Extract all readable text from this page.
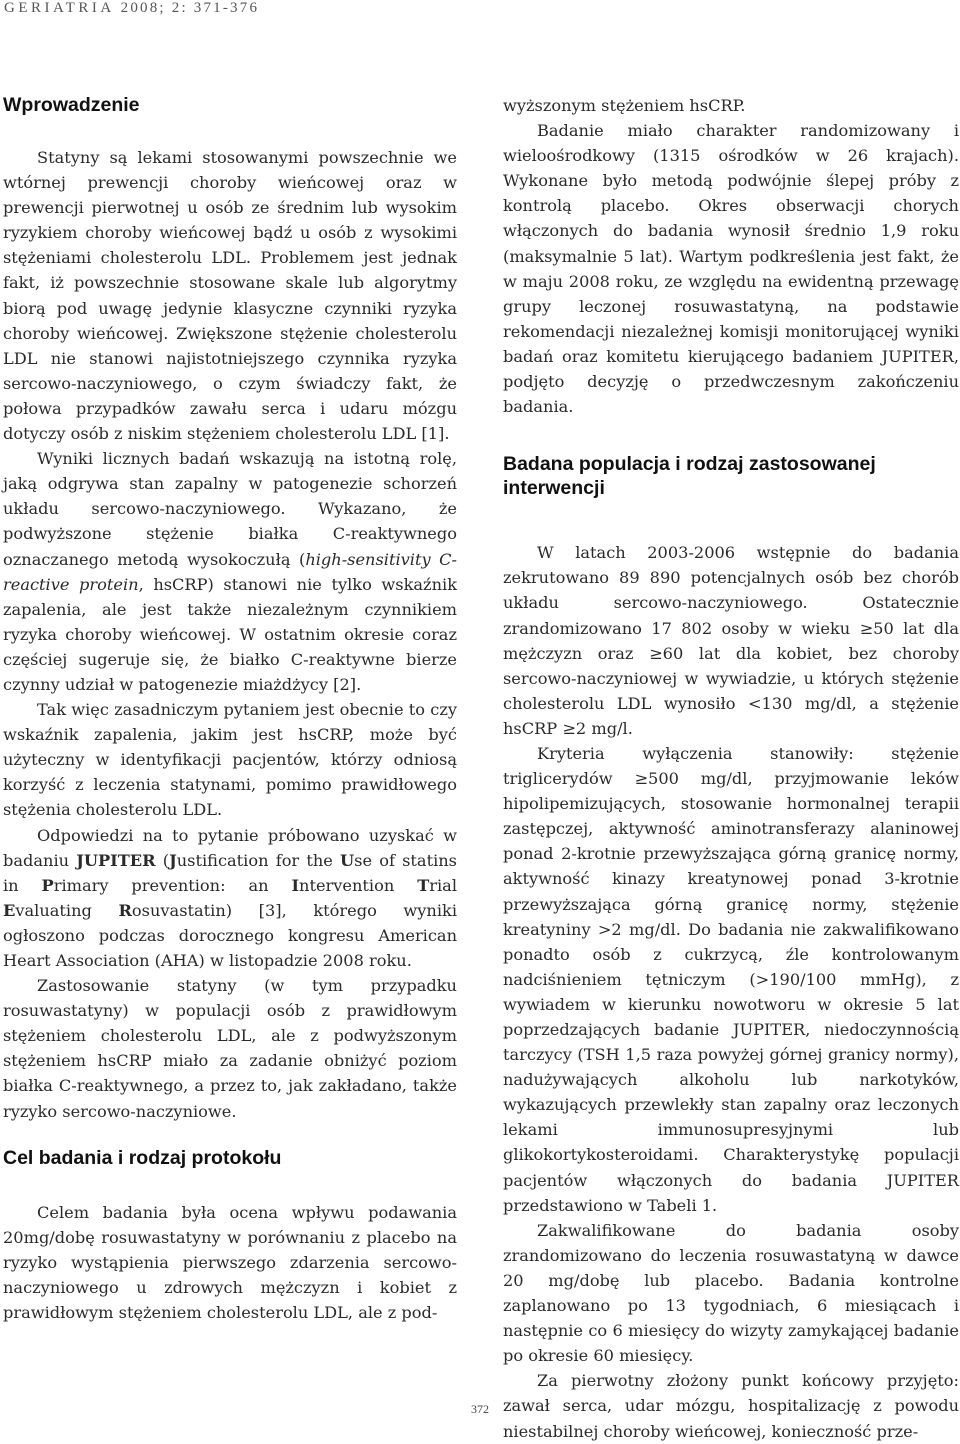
GERIATRIA 2008; 2: 371-376
Wprowadzenie

Statyny są lekami stosowanymi powszechnie we wtórnej prewencji choroby wieńcowej oraz w prewencji pierwotnej u osób ze średnim lub wysokim ryzykiem choroby wieńcowej bądź u osób z wysokimi stężeniami cholesterolu LDL. Problemem jest jednak fakt, iż powszechnie stosowane skale lub algorytmy biorą pod uwagę jedynie klasyczne czynniki ryzyka choroby wieńcowej. Zwiększone stężenie cholesterolu LDL nie stanowi najistotniejszego czynnika ryzyka sercowo-naczyniowego, o czym świadczy fakt, że połowa przypadków zawału serca i udaru mózgu dotyczy osób z niskim stężeniem cholesterolu LDL [1].

Wyniki licznych badań wskazują na istotną rolę, jaką odgrywa stan zapalny w patogenezie schorzeń układu sercowo-naczyniowego. Wykazano, że podwyższone stężenie białka C-reaktywnego oznaczanego metodą wysokoczułą (high-sensitivity C-reactive protein, hsCRP) stanowi nie tylko wskaźnik zapalenia, ale jest także niezależnym czynnikiem ryzyka choroby wieńcowej. W ostatnim okresie coraz częściej sugeruje się, że białko C-reaktywne bierze czynny udział w patogenezie miażdżycy [2].

Tak więc zasadniczym pytaniem jest obecnie to czy wskaźnik zapalenia, jakim jest hsCRP, może być użyteczny w identyfikacji pacjentów, którzy odniosą korzyść z leczenia statynami, pomimo prawidłowego stężenia cholesterolu LDL.

Odpowiedzi na to pytanie próbowano uzyskać w badaniu JUPITER (Justification for the Use of statins in Primary prevention: an Intervention Trial Evaluating Rosuvastatin) [3], którego wyniki ogłoszono podczas dorocznego kongresu American Heart Association (AHA) w listopadzie 2008 roku.

Zastosowanie statyny (w tym przypadku rosuwastatyny) w populacji osób z prawidłowym stężeniem cholesterolu LDL, ale z podwyższonym stężeniem hsCRP miało za zadanie obniżyć poziom białka C-reaktywnego, a przez to, jak zakładano, także ryzyko sercowo-naczyniowe.

Cel badania i rodzaj protokołu

Celem badania była ocena wpływu podawania 20mg/dobę rosuwastatyny w porównaniu z placebo na ryzyko wystąpienia pierwszego zdarzenia sercowo-naczyniowego u zdrowych mężczyzn i kobiet z prawidłowym stężeniem cholesterolu LDL, ale z pod-

wyższonym stężeniem hsCRP.

Badanie miało charakter randomizowany i wieloośrodkowy (1315 ośrodków w 26 krajach). Wykonane było metodą podwójnie ślepej próby z kontrolą placebo. Okres obserwacji chorych włączonych do badania wynosił średnio 1,9 roku (maksymalnie 5 lat). Wartym podkreślenia jest fakt, że w maju 2008 roku, ze względu na ewidentną przewagę grupy leczonej rosuwastatyną, na podstawie rekomendacji niezależnej komisji monitorującej wyniki badań oraz komitetu kierującego badaniem JUPITER, podjęto decyzję o przedwczesnym zakończeniu badania.

Badana populacja i rodzaj zastosowanej interwencji

W latach 2003-2006 wstępnie do badania zekrutowano 89 890 potencjalnych osób bez chorób układu sercowo-naczyniowego. Ostatecznie zrandomizowano 17 802 osoby w wieku ≥50 lat dla mężczyzn oraz ≥60 lat dla kobiet, bez choroby sercowo-naczyniowej w wywiadzie, u których stężenie cholesterolu LDL wynosiło <130 mg/dl, a stężenie hsCRP ≥2 mg/l.

Kryteria wyłączenia stanowiły: stężenie triglicerydów ≥500 mg/dl, przyjmowanie leków hipolipemizujących, stosowanie hormonalnej terapii zastępczej, aktywność aminotransferazy alaninowej ponad 2-krotnie przewyższająca górną granicę normy, aktywność kinazy kreatynowej ponad 3-krotnie przewyższająca górną granicę normy, stężenie kreatyniny >2 mg/dl. Do badania nie zakwalifikowano ponadto osób z cukrzycą, źle kontrolowanym nadciśnieniem tętniczym (>190/100 mmHg), z wywiadem w kierunku nowotworu w okresie 5 lat poprzedzających badanie JUPITER, niedoczynnością tarczycy (TSH 1,5 raza powyżej górnej granicy normy), nadużywających alkoholu lub narkotyków, wykazujących przewlekły stan zapalny oraz leczonych lekami immunosupresyjnymi lub glikokortykosteroidami. Charakterystykę populacji pacjentów włączonych do badania JUPITER przedstawiono w Tabeli 1.

Zakwalifikowane do badania osoby zrandomizowano do leczenia rosuwastatyną w dawce 20 mg/dobę lub placebo. Badania kontrolne zaplanowano po 13 tygodniach, 6 miesiącach i następnie co 6 miesięcy do wizyty zamykającej badanie po okresie 60 miesięcy.

Za pierwotny złożony punkt końcowy przyjęto: zawał serca, udar mózgu, hospitalizację z powodu niestabilnej choroby wieńcowej, konieczność prze-

372
